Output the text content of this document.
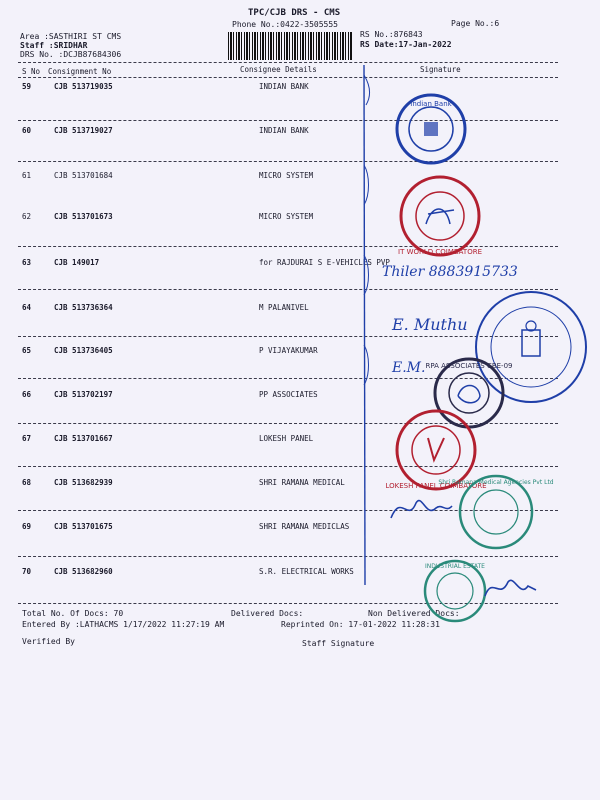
TPC/CJB DRS - CMS
Phone No.:0422-3505555	Page No.:6
Area :SASTHIRI ST CMS
Staff :SRIDHAR
DRS No. :DCJB87684306
RS No.:876843
RS Date:17-Jan-2022
S No Consignment No	Consignee Details	Signature
59	CJB 513719035	INDIAN BANK
60	CJB 513719027	INDIAN BANK
61	CJB 513701684	MICRO SYSTEM
62	CJB 513701673	MICRO SYSTEM
63	CJB 149017	for RAJDURAI S E-VEHICLES PVP
64	CJB 513736364	M PALANIVEL
65	CJB 513736405	P VIJAYAKUMAR
66	CJB 513702197	PP ASSOCIATES
67	CJB 513701667	LOKESH PANEL
68	CJB 513682939	SHRI RAMANA MEDICAL
69	CJB 513701675	SHRI RAMANA MEDICLAS
70	CJB 513682960	S.R. ELECTRICAL WORKS
Total No. Of Docs: 70	Delivered Docs:	Non Delivered Docs:
Entered By :LATHACMS 1/17/2022 11:27:19 AM	Reprinted On: 17-01-2022 11:28:31
Verified By	Staff Signature
Thiler 8883915733
E. Muthu
E.M.
Indian Bank
IT WORLD COIMBATORE
RPA ASSOCIATES CBE-09
LOKESH PANEL COIMBATORE
Shri Ramana Medical Agencies Pvt Ltd
INDUSTRIAL ESTATE
